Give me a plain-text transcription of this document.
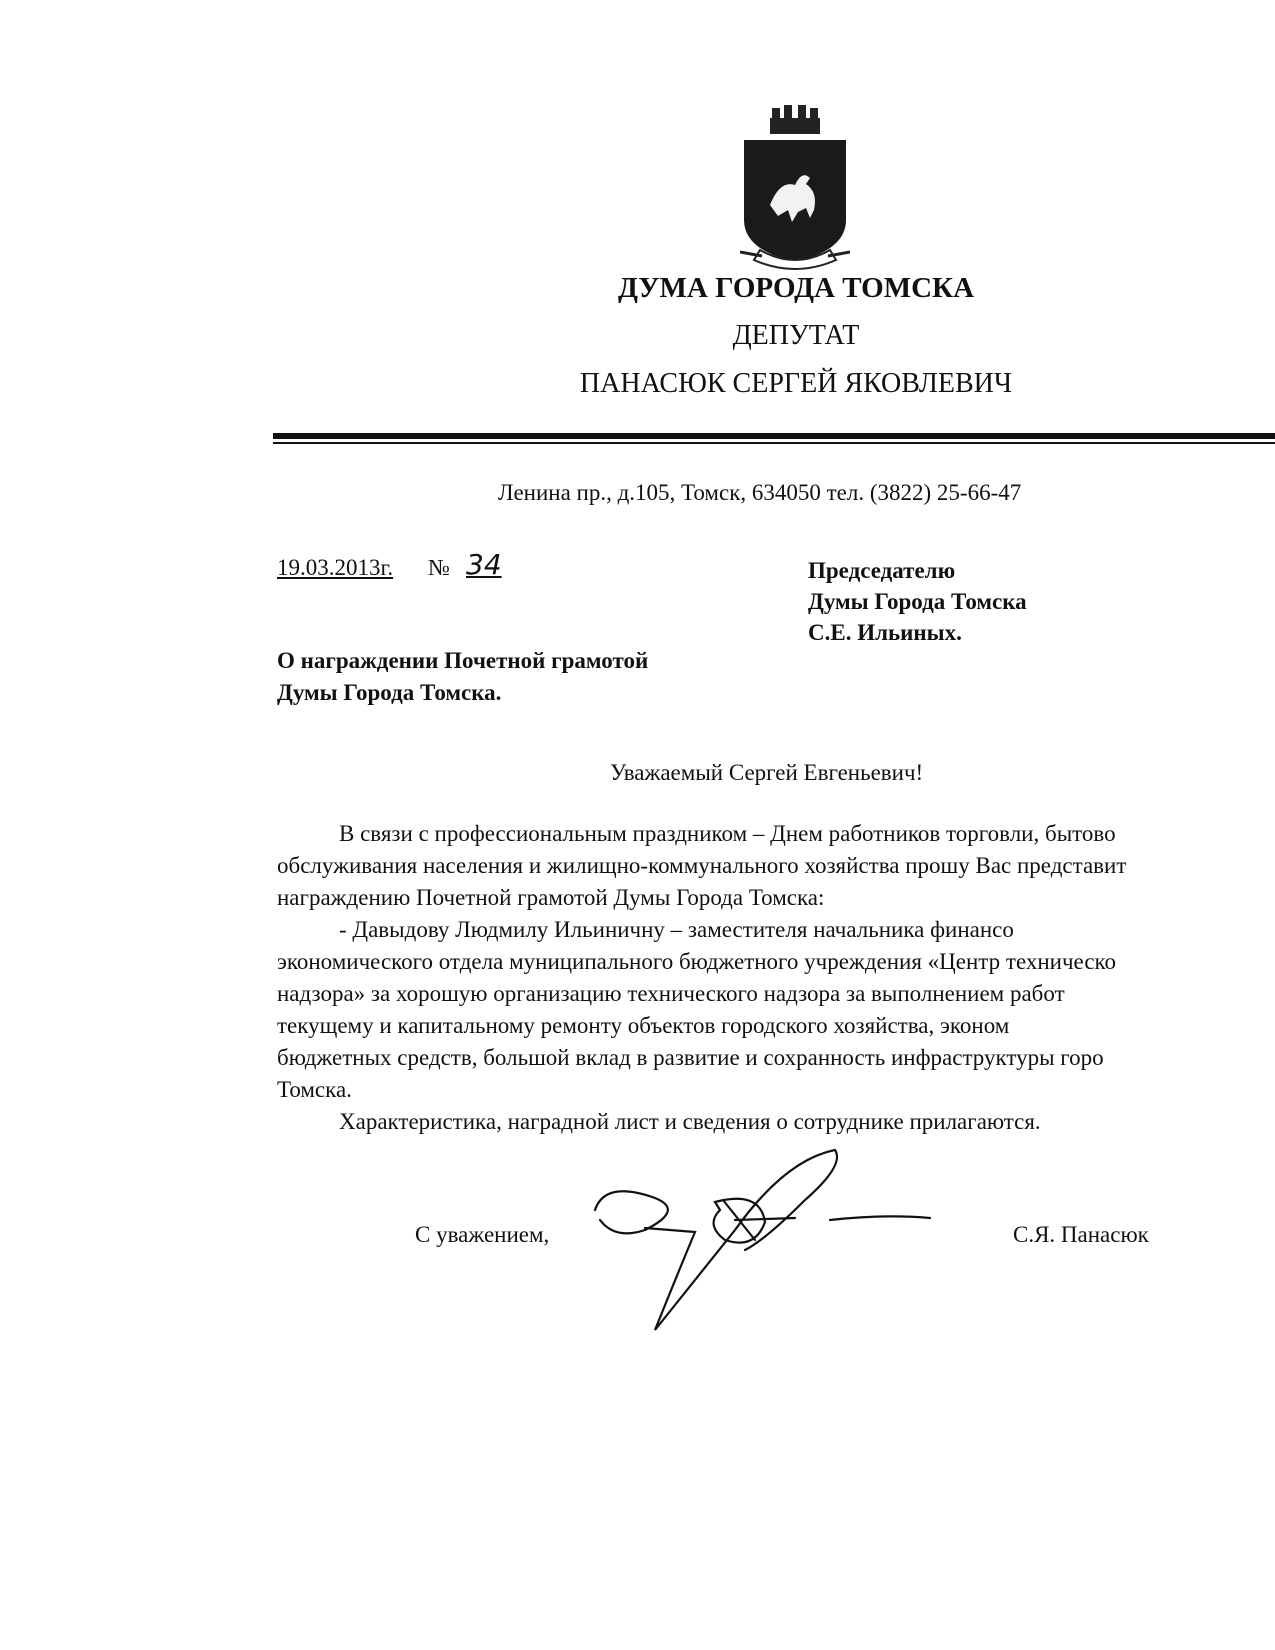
ДУМА ГОРОДА ТОМСКА
ДЕПУТАТ
ПАНАСЮК СЕРГЕЙ ЯКОВЛЕВИЧ
Ленина пр., д.105, Томск, 634050 тел. (3822) 25-66-47
19.03.2013г. № 34	Председателю
Думы Города Томска
С.Е. Ильиных.
О награждении Почетной грамотой
Думы Города Томска.
Уважаемый Сергей Евгеньевич!
В связи с профессиональным праздником – Днем работников торговли, бытово
обслуживания населения и жилищно-коммунального хозяйства прошу Вас представит
награждению Почетной грамотой Думы Города Томска:
- Давыдову Людмилу Ильиничну – заместителя начальника финансо
экономического отдела муниципального бюджетного учреждения «Центр техническо
надзора» за хорошую организацию технического надзора за выполнением работ
текущему и капитальному ремонту объектов городского хозяйства, эконом
бюджетных средств, большой вклад в развитие и сохранность инфраструктуры горо
Томска.
Характеристика, наградной лист и сведения о сотруднике прилагаются.
С уважением,	С.Я. Панасюк
